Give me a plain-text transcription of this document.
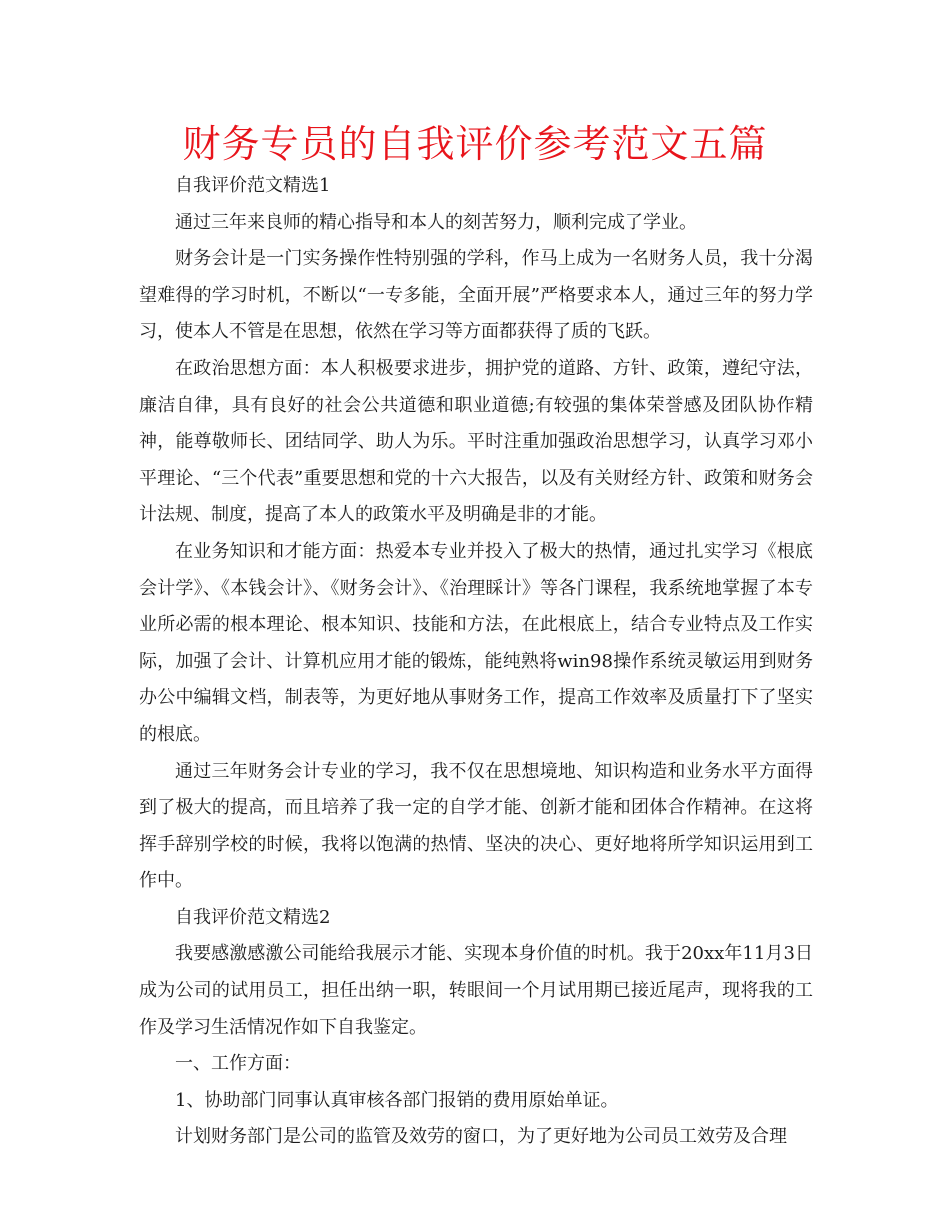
财务专员的自我评价参考范文五篇

自我评价范文精选1

通过三年来良师的精心指导和本人的刻苦努力，顺利完成了学业。

财务会计是一门实务操作性特别强的学科，作马上成为一名财务人员，我十分渴望难得的学习时机，不断以“一专多能，全面开展”严格要求本人，通过三年的努力学习，使本人不管是在思想，依然在学习等方面都获得了质的飞跃。

在政治思想方面：本人积极要求进步，拥护党的道路、方针、政策，遵纪守法，廉洁自律，具有良好的社会公共道德和职业道德;有较强的集体荣誉感及团队协作精神，能尊敬师长、团结同学、助人为乐。平时注重加强政治思想学习，认真学习邓小平理论、“三个代表”重要思想和党的十六大报告，以及有关财经方针、政策和财务会计法规、制度，提高了本人的政策水平及明确是非的才能。

在业务知识和才能方面：热爱本专业并投入了极大的热情，通过扎实学习《根底会计学》、《本钱会计》、《财务会计》、《治理睬计》等各门课程，我系统地掌握了本专业所必需的根本理论、根本知识、技能和方法，在此根底上，结合专业特点及工作实际，加强了会计、计算机应用才能的锻炼，能纯熟将win98操作系统灵敏运用到财务办公中编辑文档，制表等，为更好地从事财务工作，提高工作效率及质量打下了坚实的根底。

通过三年财务会计专业的学习，我不仅在思想境地、知识构造和业务水平方面得到了极大的提高，而且培养了我一定的自学才能、创新才能和团体合作精神。在这将挥手辞别学校的时候，我将以饱满的热情、坚决的决心、更好地将所学知识运用到工作中。

自我评价范文精选2

我要感激感激公司能给我展示才能、实现本身价值的时机。我于20xx年11月3日成为公司的试用员工，担任出纳一职，转眼间一个月试用期已接近尾声，现将我的工作及学习生活情况作如下自我鉴定。

一、工作方面：

1、协助部门同事认真审核各部门报销的费用原始单证。

计划财务部门是公司的监管及效劳的窗口，为了更好地为公司员工效劳及合理
